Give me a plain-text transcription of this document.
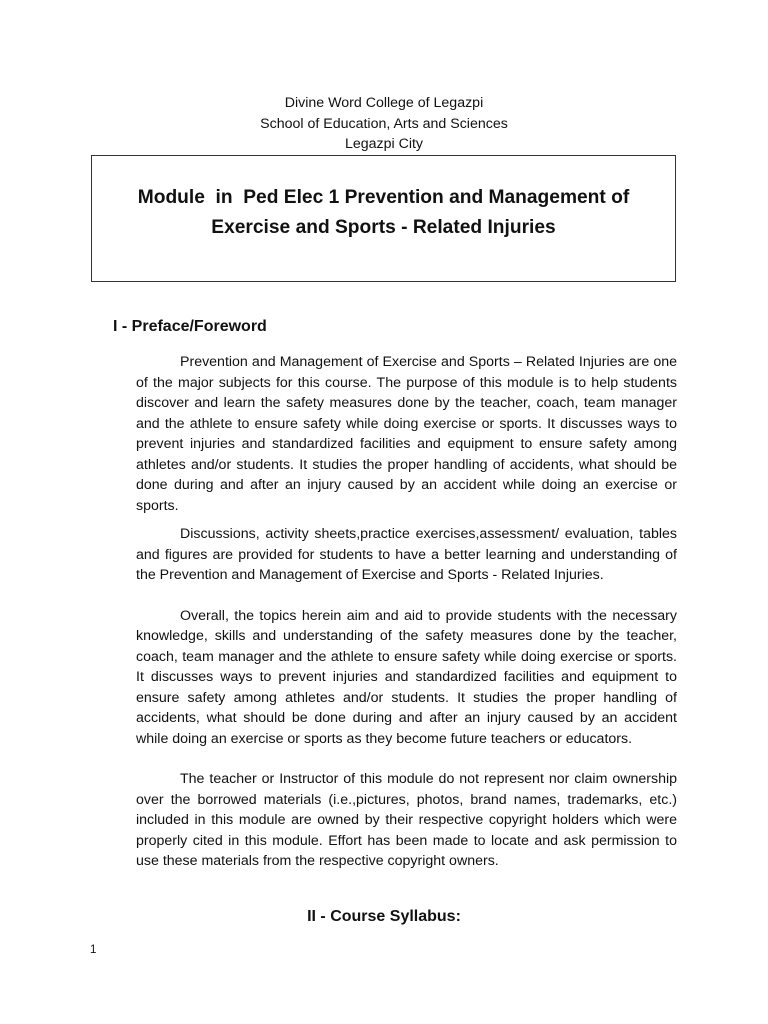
Divine Word College of Legazpi
School of Education, Arts and Sciences
Legazpi City
Module  in  Ped Elec 1 Prevention and Management of
Exercise and Sports - Related Injuries
I - Preface/Foreword

Prevention and Management of Exercise and Sports – Related Injuries are one of the major subjects for this course. The purpose of this module is to help students discover and learn the safety measures done by the teacher, coach, team manager and the athlete to ensure safety while doing exercise or sports. It discusses ways to prevent injuries and standardized facilities and equipment to ensure safety among athletes and/or students. It studies the proper handling of accidents, what should be done during and after an injury caused by an accident while doing an exercise or sports.

Discussions, activity sheets,practice exercises,assessment/ evaluation, tables and figures are provided for students to have a better learning and understanding of the Prevention and Management of Exercise and Sports - Related Injuries.

Overall, the topics herein aim and aid to provide students with the necessary knowledge, skills and understanding of the safety measures done by the teacher, coach, team manager and the athlete to ensure safety while doing exercise or sports. It discusses ways to prevent injuries and standardized facilities and equipment to ensure safety among athletes and/or students. It studies the proper handling of accidents, what should be done during and after an injury caused by an accident while doing an exercise or sports as they become future teachers or educators.

The teacher or Instructor of this module do not represent nor claim ownership over the borrowed materials (i.e.,pictures, photos, brand names, trademarks, etc.) included in this module are owned by their respective copyright holders which were properly cited in this module. Effort has been made to locate and ask permission to use these materials from the respective copyright owners.

II - Course Syllabus:
1
